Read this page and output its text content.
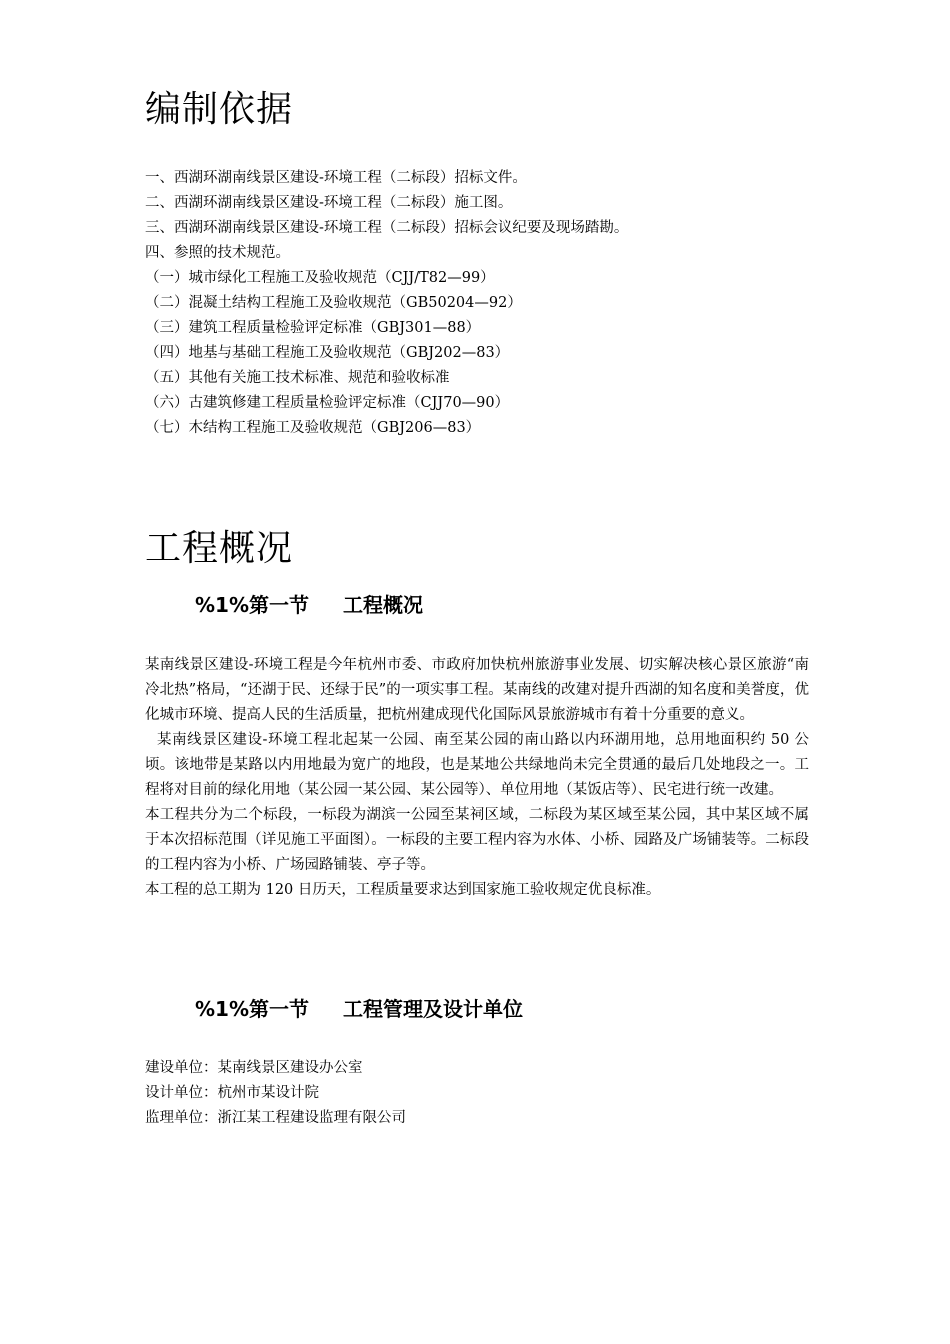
编制依据
一、西湖环湖南线景区建设-环境工程（二标段）招标文件。
二、西湖环湖南线景区建设-环境工程（二标段）施工图。
三、西湖环湖南线景区建设-环境工程（二标段）招标会议纪要及现场踏勘。
四、参照的技术规范。
（一）城市绿化工程施工及验收规范（CJJ/T82—99）
（二）混凝土结构工程施工及验收规范（GB50204—92）
（三）建筑工程质量检验评定标准（GBJ301—88）
（四）地基与基础工程施工及验收规范（GBJ202—83）
（五）其他有关施工技术标准、规范和验收标准
（六）古建筑修建工程质量检验评定标准（CJJ70—90）
（七）木结构工程施工及验收规范（GBJ206—83）
工程概况
%1%第一节 工程概况

某南线景区建设-环境工程是今年杭州市委、市政府加快杭州旅游事业发展、切实解决核心景区旅游“南冷北热”格局，“还湖于民、还绿于民”的一项实事工程。某南线的改建对提升西湖的知名度和美誉度，优化城市环境、提高人民的生活质量，把杭州建成现代化国际风景旅游城市有着十分重要的意义。

某南线景区建设-环境工程北起某一公园、南至某公园的南山路以内环湖用地，总用地面积约 50 公顷。该地带是某路以内用地最为宽广的地段，也是某地公共绿地尚未完全贯通的最后几处地段之一。工程将对目前的绿化用地（某公园一某公园、某公园等）、单位用地（某饭店等）、民宅进行统一改建。

本工程共分为二个标段，一标段为湖滨一公园至某祠区域，二标段为某区域至某公园，其中某区域不属于本次招标范围（详见施工平面图）。一标段的主要工程内容为水体、小桥、园路及广场铺装等。二标段的工程内容为小桥、广场园路铺装、亭子等。

本工程的总工期为 120 日历天，工程质量要求达到国家施工验收规定优良标准。

%1%第一节 工程管理及设计单位
建设单位：某南线景区建设办公室
设计单位：杭州市某设计院
监理单位：浙江某工程建设监理有限公司
